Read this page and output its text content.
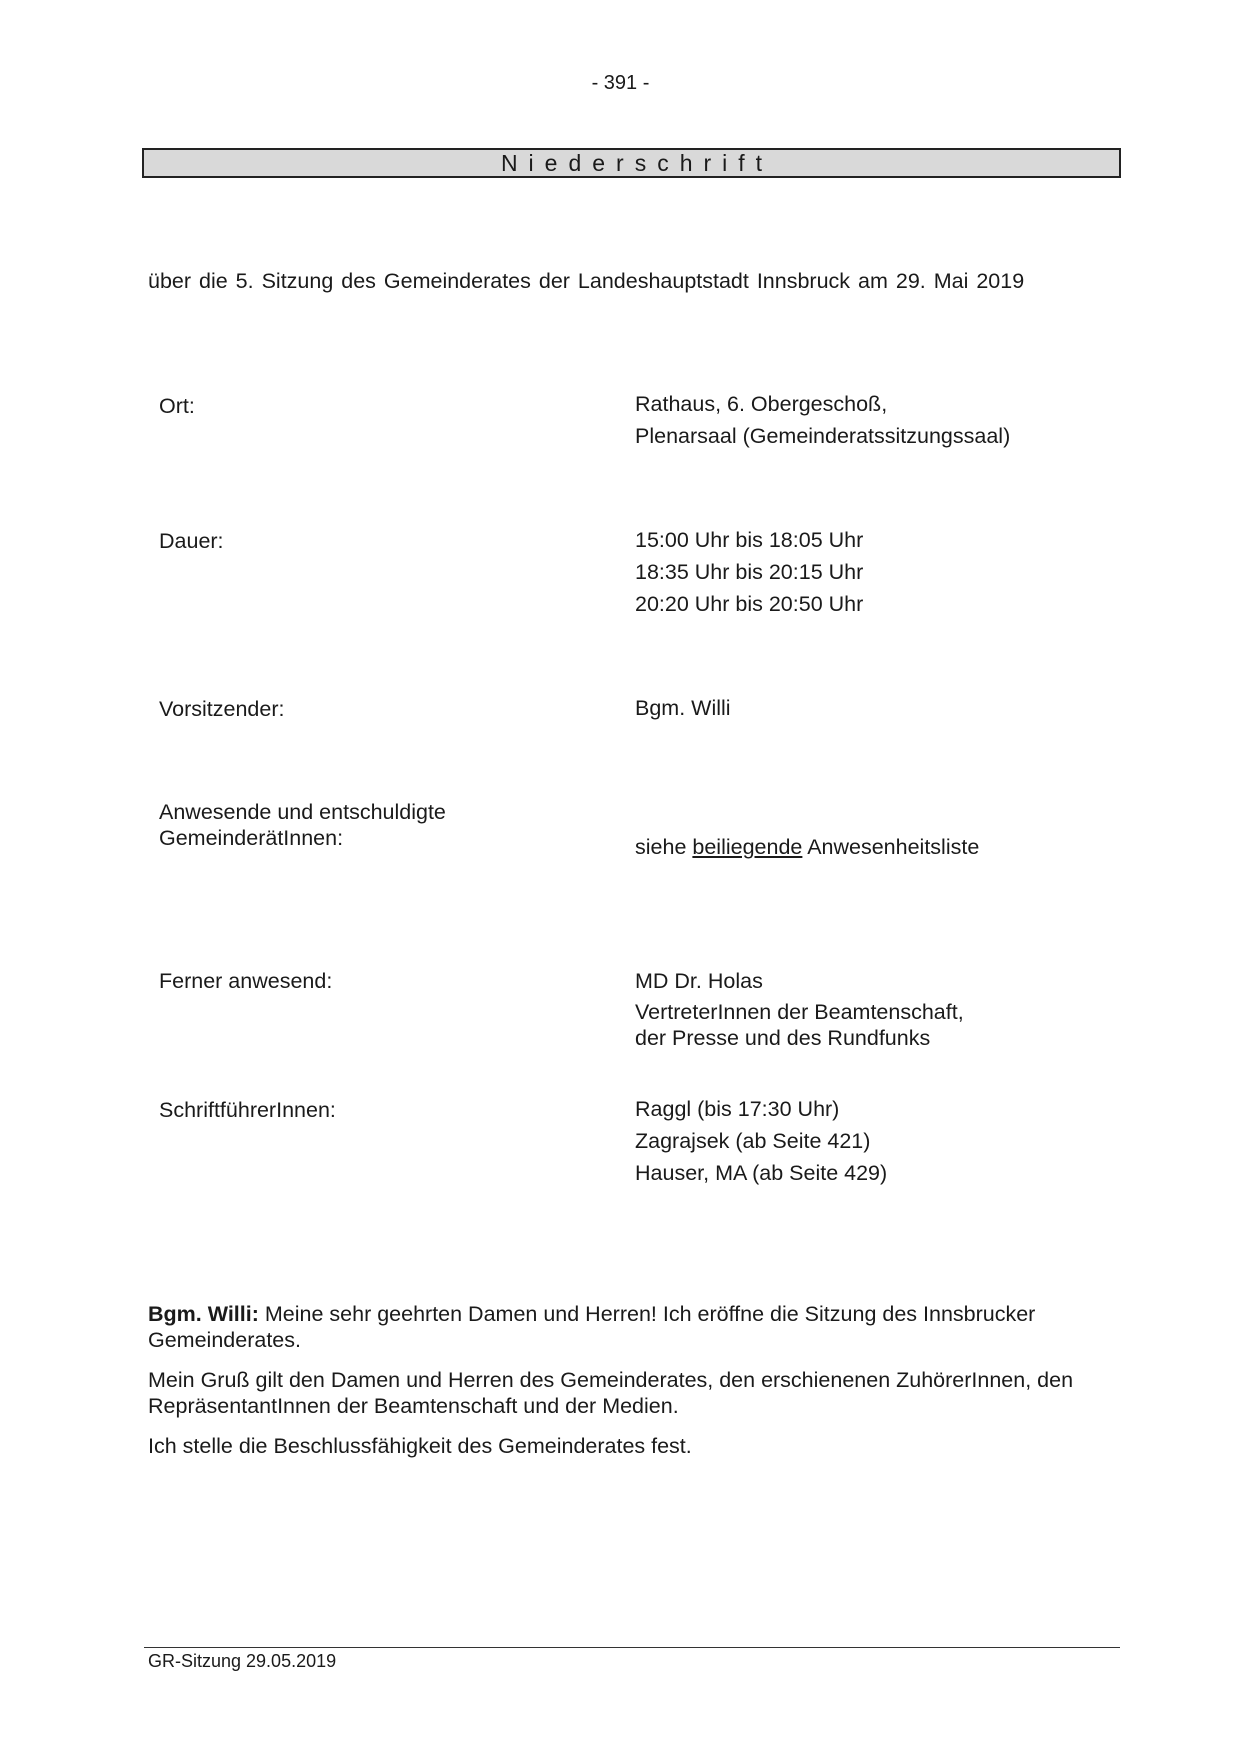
- 391 -
Niederschrift
über die 5. Sitzung des Gemeinderates der Landeshauptstadt Innsbruck am 29. Mai 2019
Ort:	Rathaus, 6. Obergeschoß,
Plenarsaal (Gemeinderatssitzungssaal)
Dauer:	15:00 Uhr bis 18:05 Uhr
18:35 Uhr bis 20:15 Uhr
20:20 Uhr bis 20:50 Uhr
Vorsitzender:	Bgm. Willi
Anwesende und entschuldigte
GemeinderätInnen:	siehe beiliegende Anwesenheitsliste
Ferner anwesend:	MD Dr. Holas
VertreterInnen der Beamtenschaft,
der Presse und des Rundfunks
SchriftführerInnen:	Raggl (bis 17:30 Uhr)
Zagrajsek (ab Seite 421)
Hauser, MA (ab Seite 429)
Bgm. Willi: Meine sehr geehrten Damen und Herren! Ich eröffne die Sitzung des Innsbrucker Gemeinderates.
Mein Gruß gilt den Damen und Herren des Gemeinderates, den erschienenen ZuhörerInnen, den RepräsentantInnen der Beamtenschaft und der Medien.
Ich stelle die Beschlussfähigkeit des Gemeinderates fest.
GR-Sitzung 29.05.2019
